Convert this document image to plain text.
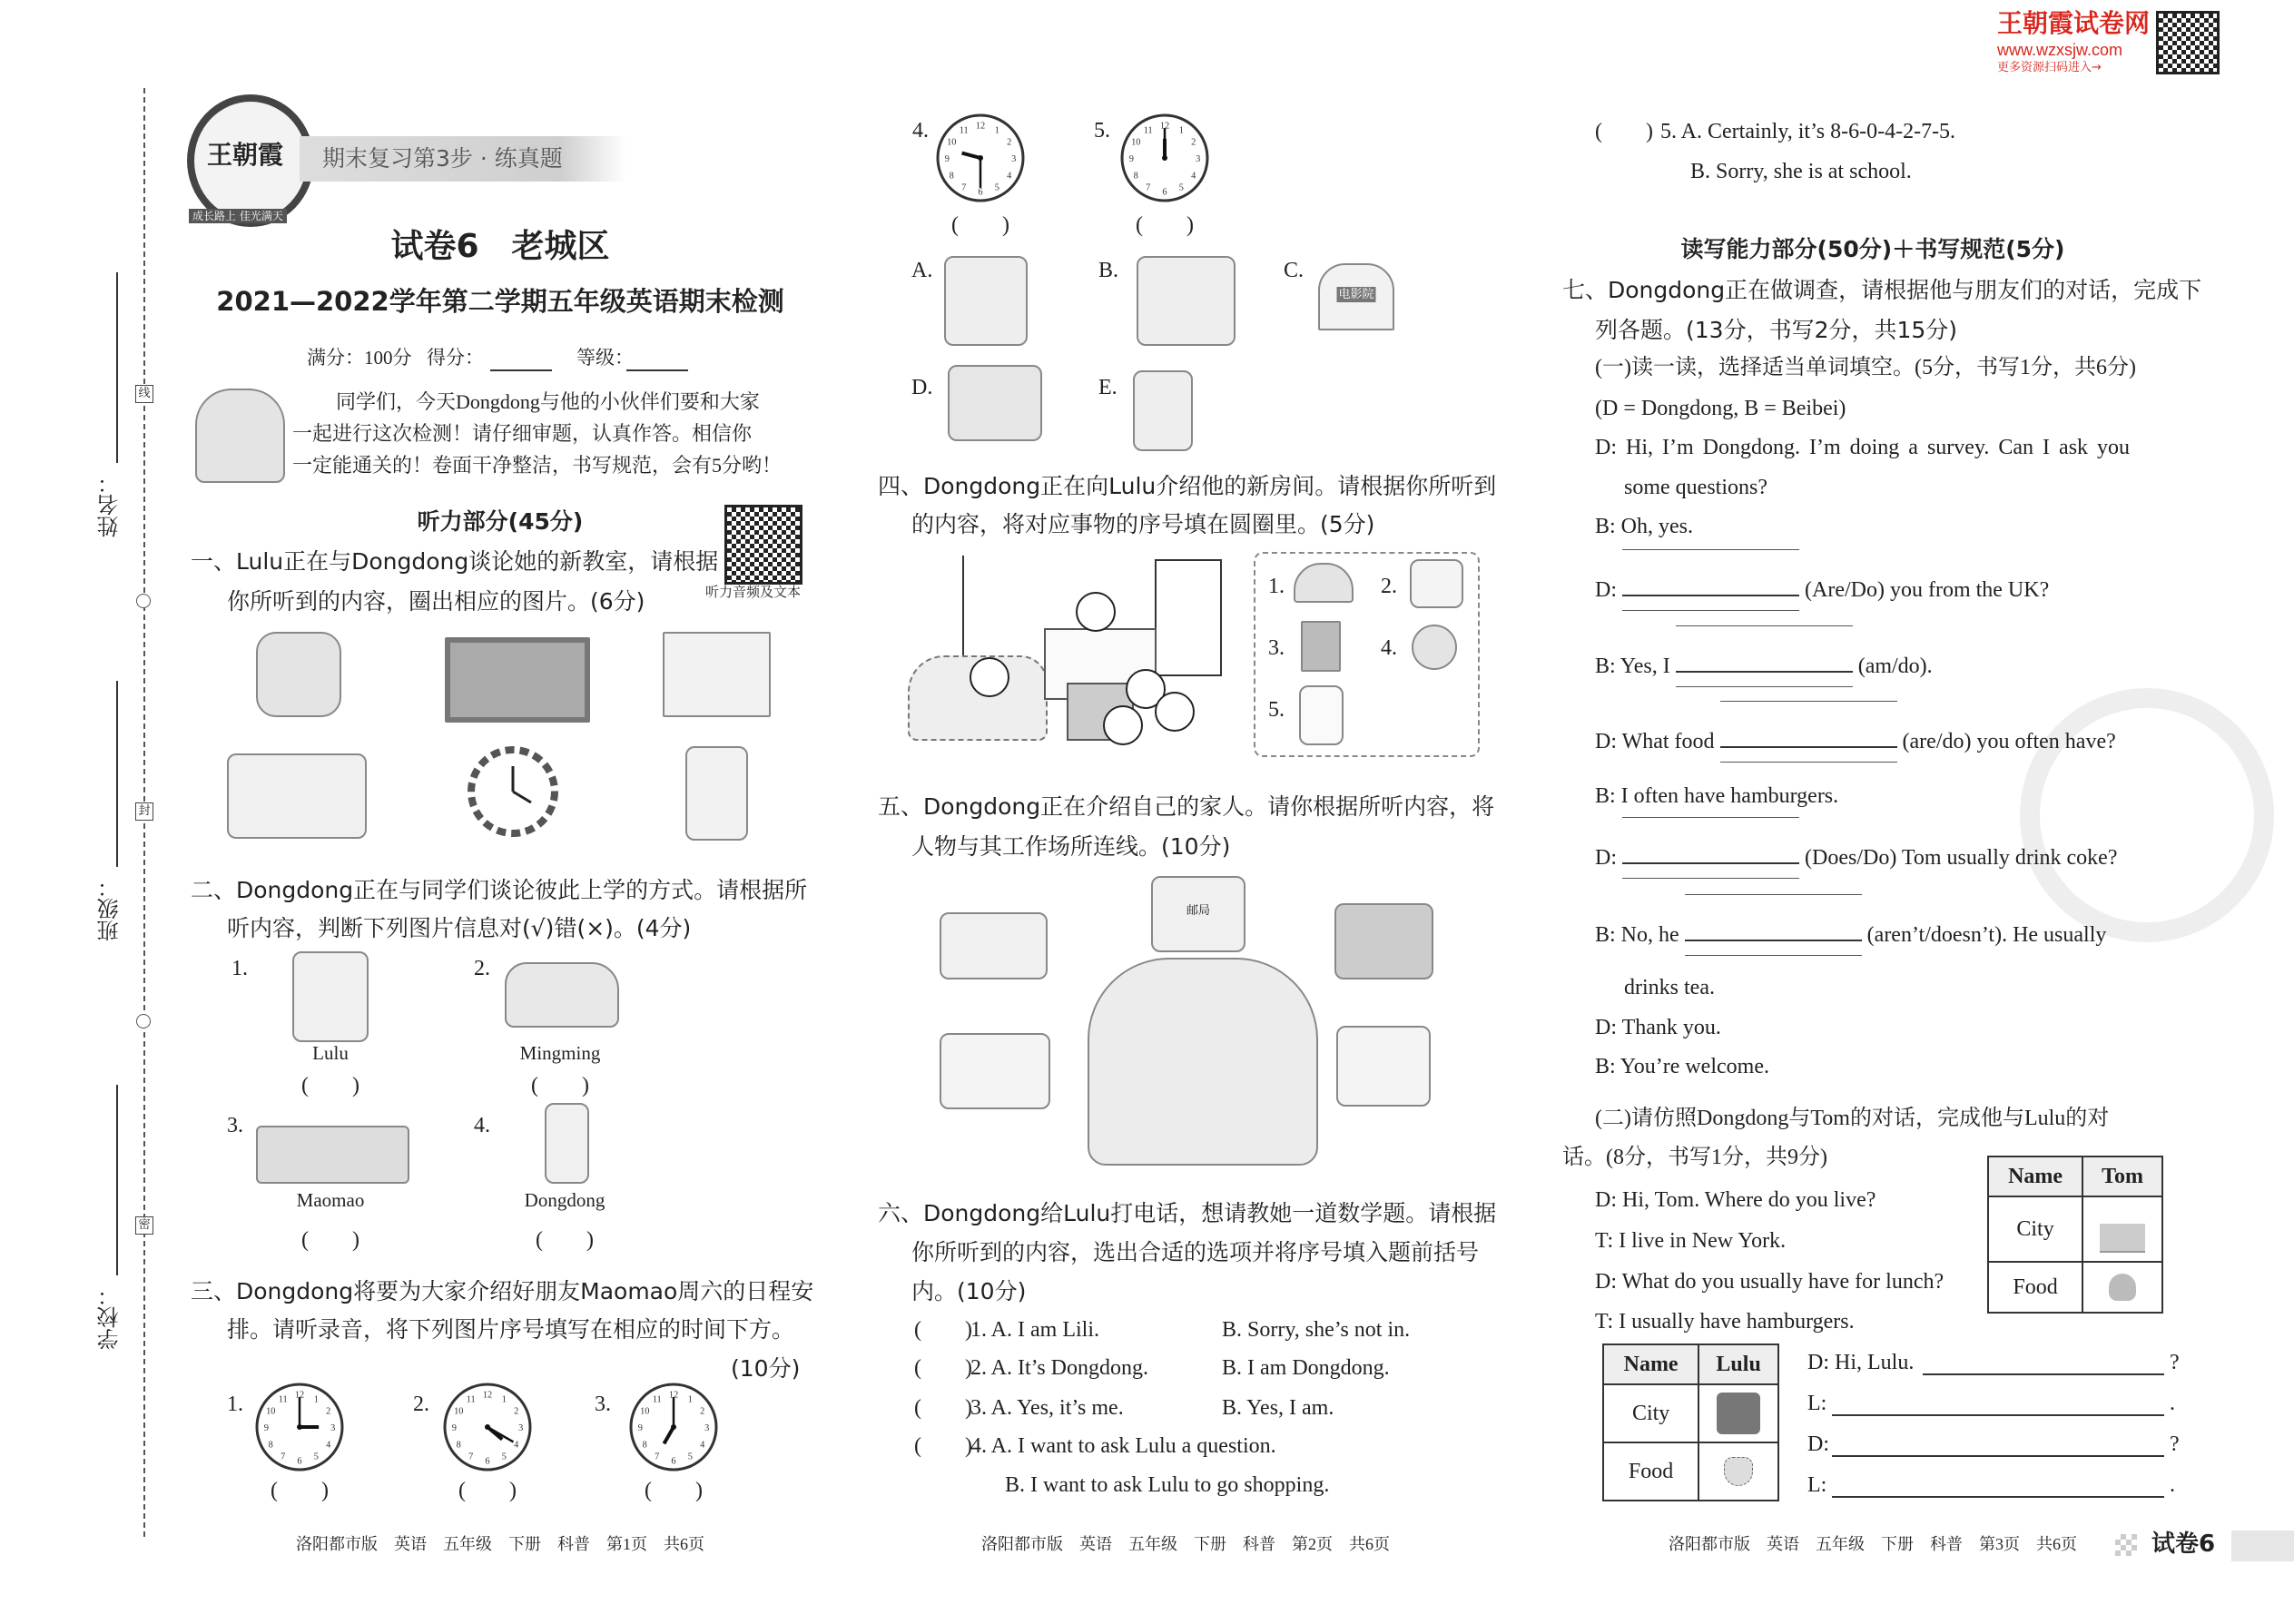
线
封
密
姓名：
班级：
学校：
王朝霞
成长路上 佳光满天
期末复习第3步 · 练真题
王朝霞试卷网
www.wzxsjw.com
更多资源扫码进入→
试卷6　老城区
2021—2022学年第二学期五年级英语期末检测
满分：100分 得分：	等级：
同学们，今天Dongdong与他的小伙伴们要和大家
一起进行这次检测！请仔细审题，认真作答。相信你
一定能通关的！卷面干净整洁，书写规范，会有5分哟！
听力部分(45分)
听力音频及文本
一、Lulu正在与Dongdong谈论她的新教室，请根据
你所听到的内容，圈出相应的图片。(6分)
二、Dongdong正在与同学们谈论彼此上学的方式。请根据所
听内容，判断下列图片信息对(√)错(×)。(4分)
1.
Lulu
(　　)
2.
Mingming
(　　)
3.
Maomao
(　　)
4.
Dongdong
(　　)
三、Dongdong将要为大家介绍好朋友Maomao周六的日程安
排。请听录音，将下列图片序号填写在相应的时间下方。
(10分)
1.	1
2
3
4
5
6
7
8
9
10
11 12
(　　)
2.	1
2
3
4
5
6
7
8
9
10
11 12
(　　)
3.	1
2
3
4
5
6
7
8
9
10
11 12
(　　)
4.	1
2
3
4
5
6
7
8
9
10
11 12
(　　)
5.	1
2
3
4
5
6
7
8
9
10
11 12
(　　)
A.	B.	C.
电影院
D.	E.
四、Dongdong正在向Lulu介绍他的新房间。请根据你所听到
的内容，将对应事物的序号填在圆圈里。(5分)
1.	2.
3.	4.
5.
五、Dongdong正在介绍自己的家人。请你根据所听内容，将
人物与其工作场所连线。(10分)
邮局
六、Dongdong给Lulu打电话，想请教她一道数学题。请根据
你所听到的内容，选出合适的选项并将序号填入题前括号
内。(10分)
(　　)
1. A. I am Lili.	B. Sorry, she’s not in.
(　　)
2. A. It’s Dongdong.	B. I am Dongdong.
(　　)
3. A. Yes, it’s me.	B. Yes, I am.
(　　)
4. A. I want to ask Lulu a question.
B. I want to ask Lulu to go shopping.
(　　) 5. A. Certainly, it’s 8-6-0-4-2-7-5.
B. Sorry, she is at school.
读写能力部分(50分)＋书写规范(5分)
七、Dongdong正在做调查，请根据他与朋友们的对话，完成下
列各题。(13分，书写2分，共15分)
(一)读一读，选择适当单词填空。(5分，书写1分，共6分)
(D = Dongdong, B = Beibei)
D: Hi, I’m Dongdong. I’m doing a survey. Can I ask you
some questions?
B: Oh, yes.
D:	(Are/Do) you from the UK?
B: Yes, I	(am/do).
D: What food	(are/do) you often have?
B: I often have hamburgers.
D:	(Does/Do) Tom usually drink coke?
B: No, he	(aren’t/doesn’t). He usually
drinks tea.
D: Thank you.
B: You’re welcome.
(二)请仿照Dongdong与Tom的对话，完成他与Lulu的对
话。(8分，书写1分，共9分)
D: Hi, Tom. Where do you live?
T: I live in New York.
D: What do you usually have for lunch?
T: I usually have hamburgers.
Name	Tom
City	

Food	
Name	Lulu
City	

Food	
D: Hi, Lulu.	?
L:	.
D:	?
L:	.
洛阳都市版　英语　五年级　下册　科普　第1页　共6页	洛阳都市版　英语　五年级　下册　科普　第2页　共6页	洛阳都市版　英语　五年级　下册　科普　第3页　共6页	试卷6
